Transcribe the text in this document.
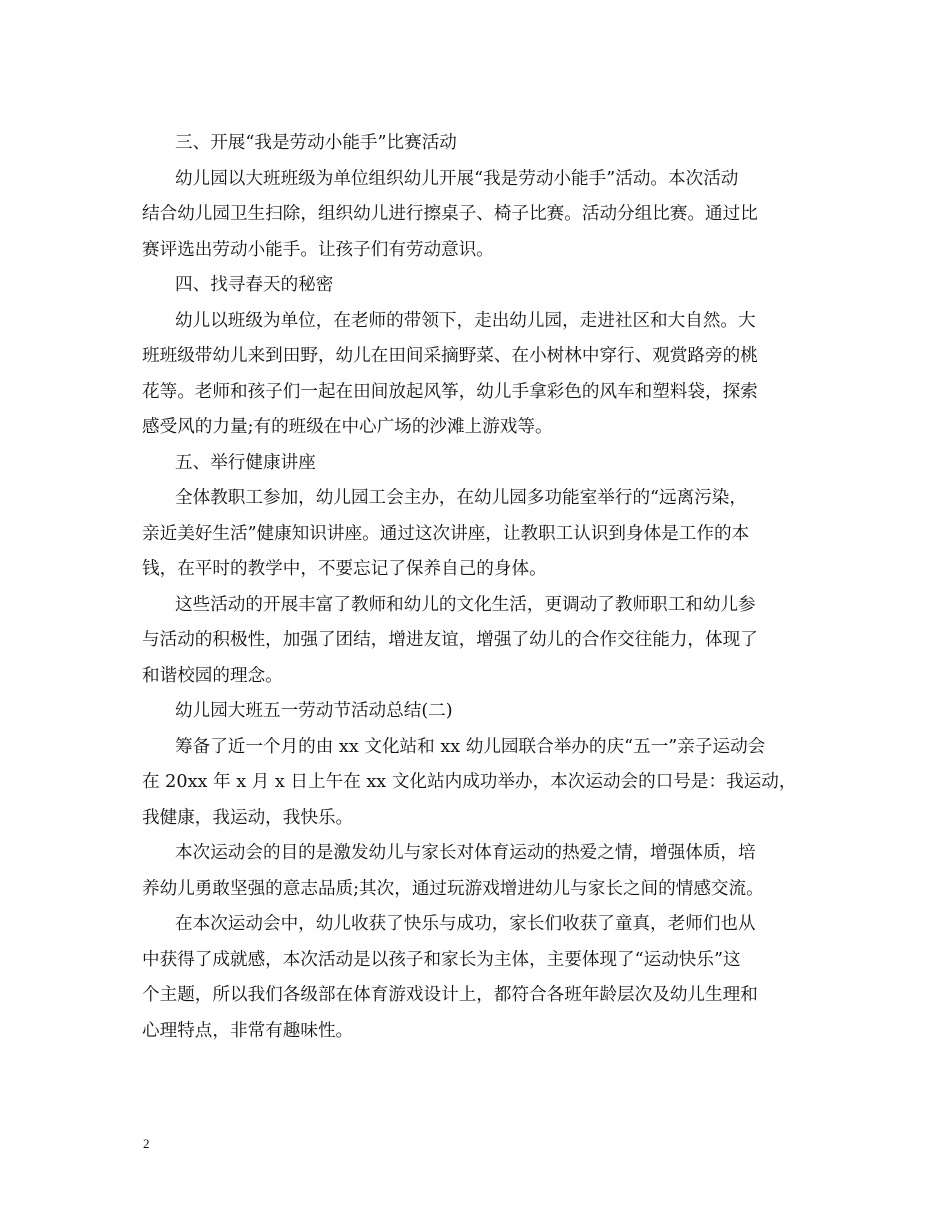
三、开展“我是劳动小能手”比赛活动
幼儿园以大班班级为单位组织幼儿开展“我是劳动小能手”活动。本次活动
结合幼儿园卫生扫除，组织幼儿进行擦桌子、椅子比赛。活动分组比赛。通过比
赛评选出劳动小能手。让孩子们有劳动意识。
四、找寻春天的秘密
幼儿以班级为单位，在老师的带领下，走出幼儿园，走进社区和大自然。大
班班级带幼儿来到田野，幼儿在田间采摘野菜、在小树林中穿行、观赏路旁的桃
花等。老师和孩子们一起在田间放起风筝，幼儿手拿彩色的风车和塑料袋，探索
感受风的力量;有的班级在中心广场的沙滩上游戏等。
五、举行健康讲座
全体教职工参加，幼儿园工会主办，在幼儿园多功能室举行的“远离污染，
亲近美好生活”健康知识讲座。通过这次讲座，让教职工认识到身体是工作的本
钱，在平时的教学中，不要忘记了保养自己的身体。
这些活动的开展丰富了教师和幼儿的文化生活，更调动了教师职工和幼儿参
与活动的积极性，加强了团结，增进友谊，增强了幼儿的合作交往能力，体现了
和谐校园的理念。
幼儿园大班五一劳动节活动总结(二)
筹备了近一个月的由 xx 文化站和 xx 幼儿园联合举办的庆“五一”亲子运动会
在 20xx 年 x 月 x 日上午在 xx 文化站内成功举办，本次运动会的口号是：我运动，
我健康，我运动，我快乐。
本次运动会的目的是激发幼儿与家长对体育运动的热爱之情，增强体质，培
养幼儿勇敢坚强的意志品质;其次，通过玩游戏增进幼儿与家长之间的情感交流。
在本次运动会中，幼儿收获了快乐与成功，家长们收获了童真，老师们也从
中获得了成就感，本次活动是以孩子和家长为主体，主要体现了“运动快乐”这
个主题，所以我们各级部在体育游戏设计上，都符合各班年龄层次及幼儿生理和
心理特点，非常有趣味性。
2
